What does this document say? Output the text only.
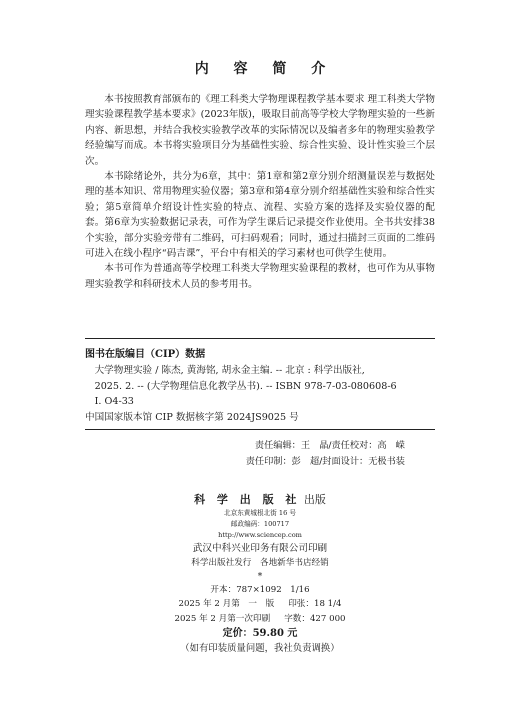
内 容 简 介

本书按照教育部颁布的《理工科类大学物理课程教学基本要求 理工科类大学物理实验课程教学基本要求》(2023年版)，吸取目前高等学校大学物理实验的一些新内容、新思想，并结合我校实验教学改革的实际情况以及编者多年的物理实验教学经验编写而成。本书将实验项目分为基础性实验、综合性实验、设计性实验三个层次。

本书除绪论外，共分为6章，其中：第1章和第2章分别介绍测量误差与数据处理的基本知识、常用物理实验仪器；第3章和第4章分别介绍基础性实验和综合性实验；第5章简单介绍设计性实验的特点、流程、实验方案的选择及实验仪器的配套。第6章为实验数据记录表，可作为学生课后记录提交作业使用。全书共安排38个实验，部分实验旁带有二维码，可扫码观看；同时，通过扫描封三页面的二维码可进入在线小程序“码吉课”，平台中有相关的学习素材也可供学生使用。

本书可作为普通高等学校理工科类大学物理实验课程的教材，也可作为从事物理实验教学和科研技术人员的参考用书。

图书在版编目（CIP）数据
大学物理实验 / 陈杰, 黄海铭, 胡永金主编. -- 北京 : 科学出版社,
2025. 2. -- (大学物理信息化教学丛书). -- ISBN 978-7-03-080608-6
Ⅰ. O4-33
中国国家版本馆 CIP 数据核字第 2024JS9025 号
责任编辑：王　晶/责任校对：高　嵘
责任印制：彭　超/封面设计：无极书装
科 学 出 版 社 出版
北京东黄城根北街 16 号
邮政编码：100717
http://www.sciencep.com
武汉中科兴业印务有限公司印刷
科学出版社发行　各地新华书店经销
*
开本：787×1092　1/16
2025 年 2 月第　一　版 印张：18 1/4
2025 年 2 月第一次印刷 字数：427 000
定价：59.80 元
（如有印装质量问题，我社负责调换）
